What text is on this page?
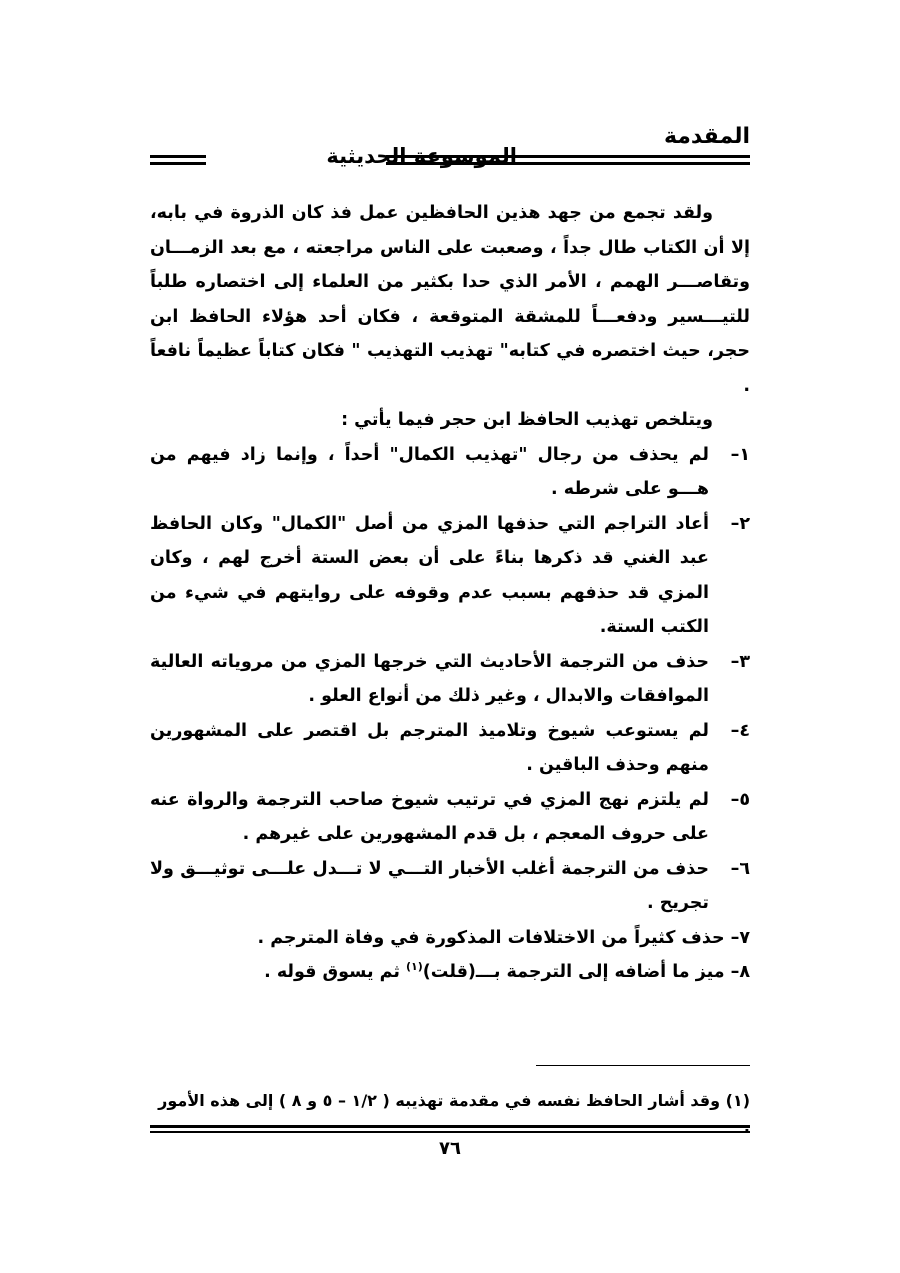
المقدمة
الموسوعة الحديثية

ولقد تجمع من جهد هذين الحافظين عمل فذ كان الذروة في بابه، إلا أن الكتاب طال جداً ، وصعبت على الناس مراجعته ، مع بعد الزمـــان وتقاصـــر الهمم ، الأمر الذي حدا بكثير من العلماء إلى اختصاره طلباً للتيـــسير ودفعـــاً للمشقة المتوقعة ، فكان أحد هؤلاء الحافظ ابن حجر، حيث اختصره في كتابه" تهذيب التهذيب " فكان كتاباً عظيماً نافعاً .

ويتلخص تهذيب الحافظ ابن حجر فيما يأتي :

١–
لم يحذف من رجال "تهذيب الكمال" أحداً ، وإنما زاد فيهم من هـــو على شرطه .
٢–
أعاد التراجم التي حذفها المزي من أصل "الكمال" وكان الحافظ عبد الغني قد ذكرها بناءً على أن بعض الستة أخرج لهم ، وكان المزي قد حذفهم بسبب عدم وقوفه على روايتهم في شيء من الكتب الستة.
٣–
حذف من الترجمة الأحاديث التي خرجها المزي من مروياته العالية الموافقات والابدال ، وغير ذلك من أنواع العلو .
٤–
لم يستوعب شيوخ وتلاميذ المترجم بل اقتصر على المشهورين منهم وحذف الباقين .
٥–
لم يلتزم نهج المزي في ترتيب شيوخ صاحب الترجمة والرواة عنه على حروف المعجم ، بل قدم المشهورين على غيرهم .
٦–
حذف من الترجمة أغلب الأخبار التـــي لا تـــدل علـــى توثيـــق ولا تجريح .
٧–حذف كثيراً من الاختلافات المذكورة في وفاة المترجم .
٨–ميز ما أضافه إلى الترجمة بـــ(قلت)$^{(١)}$ ثم يسوق قوله .
(١) وقد أشار الحافظ نفسه في مقدمة تهذيبه ( ١/٢ – ٥ و ٨ ) إلى هذه الأمور .
٧٦
